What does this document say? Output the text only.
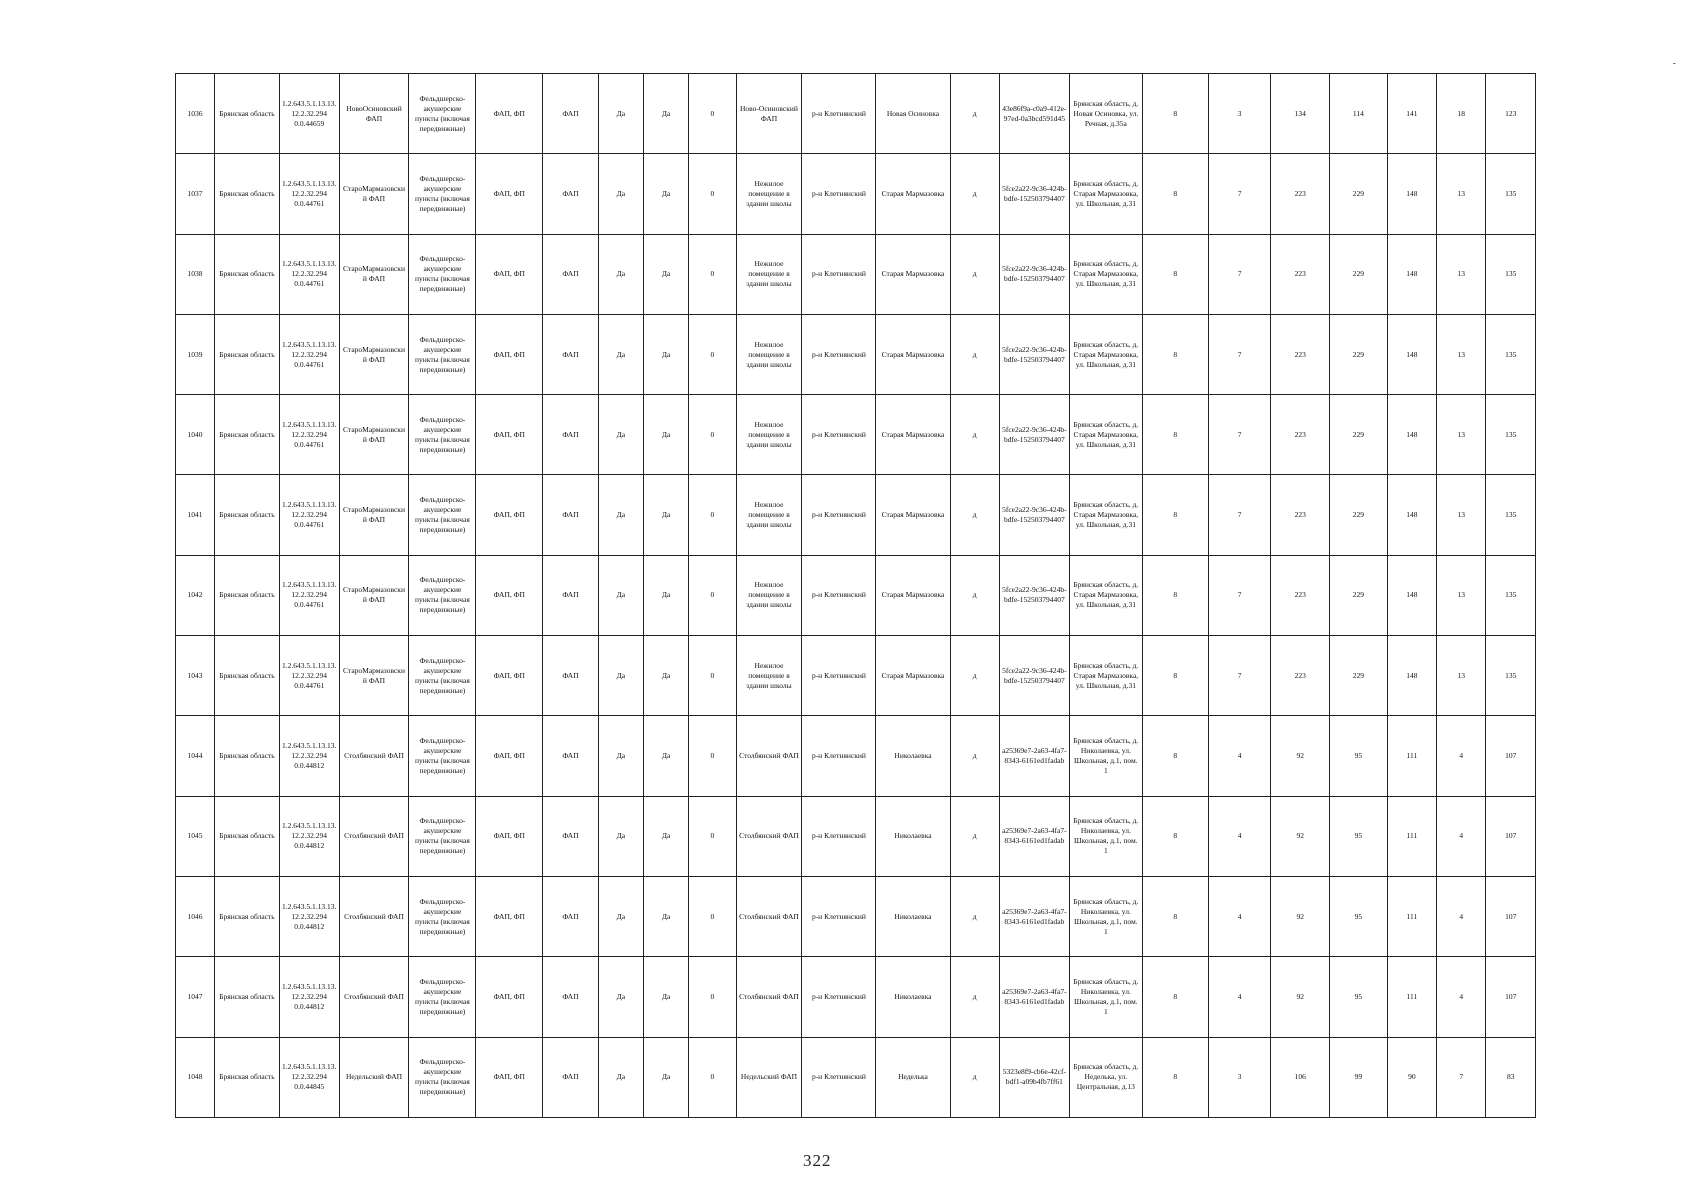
-
1036	Брянская область	1.2.643.5.1.13.13.12.2.32.294 0.0.44659	НовоОсиновский ФАП	Фельдшерско-акушерские пункты (включая передвижные)	ФАП, ФП	ФАП	Да	Да	0	Ново-Осиновский ФАП	р-н Клетнянский	Новая Осиновка	д	43e86f9a-c0a9-412e-97ed-0a3bcd591d45	Брянская область, д. Новая Осиновка, ул. Речная, д.35а	8	3	134	114	141	18	123
1037	Брянская область	1.2.643.5.1.13.13.12.2.32.294 0.0.44761	СтароМармазовский ФАП	Фельдшерско-акушерские пункты (включая передвижные)	ФАП, ФП	ФАП	Да	Да	0	Нежилое помещение в здании школы	р-н Клетнянский	Старая Мармазовка	д	5fce2a22-9c36-424b-bdfe-152503794407	Брянская область, д. Старая Мармазовка, ул. Школьная, д.31	8	7	223	229	148	13	135
1038	Брянская область	1.2.643.5.1.13.13.12.2.32.294 0.0.44761	СтароМармазовский ФАП	Фельдшерско-акушерские пункты (включая передвижные)	ФАП, ФП	ФАП	Да	Да	0	Нежилое помещение в здании школы	р-н Клетнянский	Старая Мармазовка	д	5fce2a22-9c36-424b-bdfe-152503794407	Брянская область, д. Старая Мармазовка, ул. Школьная, д.31	8	7	223	229	148	13	135
1039	Брянская область	1.2.643.5.1.13.13.12.2.32.294 0.0.44761	СтароМармазовский ФАП	Фельдшерско-акушерские пункты (включая передвижные)	ФАП, ФП	ФАП	Да	Да	0	Нежилое помещение в здании школы	р-н Клетнянский	Старая Мармазовка	д	5fce2a22-9c36-424b-bdfe-152503794407	Брянская область, д. Старая Мармазовка, ул. Школьная, д.31	8	7	223	229	148	13	135
1040	Брянская область	1.2.643.5.1.13.13.12.2.32.294 0.0.44761	СтароМармазовский ФАП	Фельдшерско-акушерские пункты (включая передвижные)	ФАП, ФП	ФАП	Да	Да	0	Нежилое помещение в здании школы	р-н Клетнянский	Старая Мармазовка	д	5fce2a22-9c36-424b-bdfe-152503794407	Брянская область, д. Старая Мармазовка, ул. Школьная, д.31	8	7	223	229	148	13	135
1041	Брянская область	1.2.643.5.1.13.13.12.2.32.294 0.0.44761	СтароМармазовский ФАП	Фельдшерско-акушерские пункты (включая передвижные)	ФАП, ФП	ФАП	Да	Да	0	Нежилое помещение в здании школы	р-н Клетнянский	Старая Мармазовка	д	5fce2a22-9c36-424b-bdfe-152503794407	Брянская область, д. Старая Мармазовка, ул. Школьная, д.31	8	7	223	229	148	13	135
1042	Брянская область	1.2.643.5.1.13.13.12.2.32.294 0.0.44761	СтароМармазовский ФАП	Фельдшерско-акушерские пункты (включая передвижные)	ФАП, ФП	ФАП	Да	Да	0	Нежилое помещение в здании школы	р-н Клетнянский	Старая Мармазовка	д	5fce2a22-9c36-424b-bdfe-152503794407	Брянская область, д. Старая Мармазовка, ул. Школьная, д.31	8	7	223	229	148	13	135
1043	Брянская область	1.2.643.5.1.13.13.12.2.32.294 0.0.44761	СтароМармазовский ФАП	Фельдшерско-акушерские пункты (включая передвижные)	ФАП, ФП	ФАП	Да	Да	0	Нежилое помещение в здании школы	р-н Клетнянский	Старая Мармазовка	д	5fce2a22-9c36-424b-bdfe-152503794407	Брянская область, д. Старая Мармазовка, ул. Школьная, д.31	8	7	223	229	148	13	135
1044	Брянская область	1.2.643.5.1.13.13.12.2.32.294 0.0.44812	Столбянский ФАП	Фельдшерско-акушерские пункты (включая передвижные)	ФАП, ФП	ФАП	Да	Да	0	Столбянский ФАП	р-н Клетнянский	Николаевка	д	a25369e7-2a63-4fa7-8343-6161ed1fadab	Брянская область, д. Николаевка, ул. Школьная, д.1, пом. 1	8	4	92	95	111	4	107
1045	Брянская область	1.2.643.5.1.13.13.12.2.32.294 0.0.44812	Столбянский ФАП	Фельдшерско-акушерские пункты (включая передвижные)	ФАП, ФП	ФАП	Да	Да	0	Столбянский ФАП	р-н Клетнянский	Николаевка	д	a25369e7-2a63-4fa7-8343-6161ed1fadab	Брянская область, д. Николаевка, ул. Школьная, д.1, пом. 1	8	4	92	95	111	4	107
1046	Брянская область	1.2.643.5.1.13.13.12.2.32.294 0.0.44812	Столбянский ФАП	Фельдшерско-акушерские пункты (включая передвижные)	ФАП, ФП	ФАП	Да	Да	0	Столбянский ФАП	р-н Клетнянский	Николаевка	д	a25369e7-2a63-4fa7-8343-6161ed1fadab	Брянская область, д. Николаевка, ул. Школьная, д.1, пом. 1	8	4	92	95	111	4	107
1047	Брянская область	1.2.643.5.1.13.13.12.2.32.294 0.0.44812	Столбянский ФАП	Фельдшерско-акушерские пункты (включая передвижные)	ФАП, ФП	ФАП	Да	Да	0	Столбянский ФАП	р-н Клетнянский	Николаевка	д	a25369e7-2a63-4fa7-8343-6161ed1fadab	Брянская область, д. Николаевка, ул. Школьная, д.1, пом. 1	8	4	92	95	111	4	107
1048	Брянская область	1.2.643.5.1.13.13.12.2.32.294 0.0.44845	Недельский ФАП	Фельдшерско-акушерские пункты (включая передвижные)	ФАП, ФП	ФАП	Да	Да	0	Недельский ФАП	р-н Клетнянский	Неделька	д	5323e8f9-cb6e-42cf-bdf1-a09b4fb7ff61	Брянская область, д. Неделька, ул. Центральная, д.13	8	3	106	99	90	7	83
322
